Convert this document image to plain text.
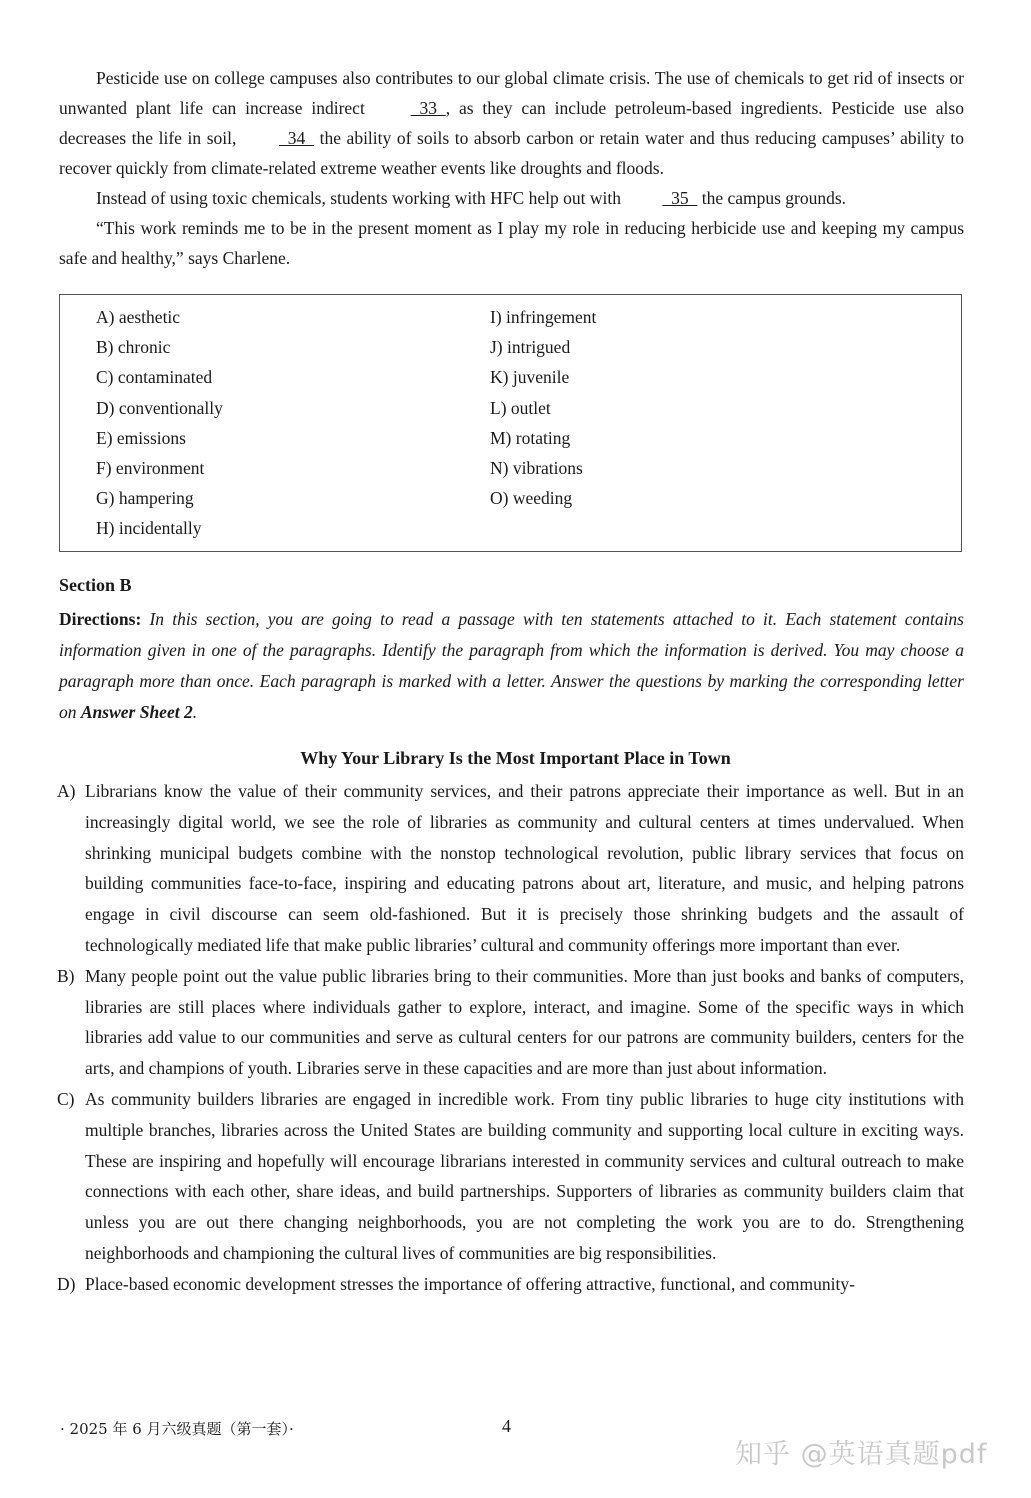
Pesticide use on college campuses also contributes to our global climate crisis. The use of chemicals to get rid of insects or unwanted plant life can increase indirect   33  , as they can include petroleum-based ingredients. Pesticide use also decreases the life in soil,   34   the ability of soils to absorb carbon or retain water and thus reducing campuses’ ability to recover quickly from climate-related extreme weather events like droughts and floods.

Instead of using toxic chemicals, students working with HFC help out with   35   the campus grounds.

“This work reminds me to be in the present moment as I play my role in reducing herbicide use and keeping my campus safe and healthy,” says Charlene.

A) aesthetic
B) chronic
C) contaminated
D) conventionally
E) emissions
F) environment
G) hampering
H) incidentally
I) infringement
J) intrigued
K) juvenile
L) outlet
M) rotating
N) vibrations
O) weeding
Section B
Directions: In this section, you are going to read a passage with ten statements attached to it. Each statement contains information given in one of the paragraphs. Identify the paragraph from which the information is derived. You may choose a paragraph more than once. Each paragraph is marked with a letter. Answer the questions by marking the corresponding letter on Answer Sheet 2.
Why Your Library Is the Most Important Place in Town

A) Librarians know the value of their community services, and their patrons appreciate their importance as well. But in an increasingly digital world, we see the role of libraries as community and cultural centers at times undervalued. When shrinking municipal budgets combine with the nonstop technological revolution, public library services that focus on building communities face-to-face, inspiring and educating patrons about art, literature, and music, and helping patrons engage in civil discourse can seem old-fashioned. But it is precisely those shrinking budgets and the assault of technologically mediated life that make public libraries’ cultural and community offerings more important than ever.

B) Many people point out the value public libraries bring to their communities. More than just books and banks of computers, libraries are still places where individuals gather to explore, interact, and imagine. Some of the specific ways in which libraries add value to our communities and serve as cultural centers for our patrons are community builders, centers for the arts, and champions of youth. Libraries serve in these capacities and are more than just about information.

C) As community builders libraries are engaged in incredible work. From tiny public libraries to huge city institutions with multiple branches, libraries across the United States are building community and supporting local culture in exciting ways. These are inspiring and hopefully will encourage librarians interested in community services and cultural outreach to make connections with each other, share ideas, and build partnerships. Supporters of libraries as community builders claim that unless you are out there changing neighborhoods, you are not completing the work you are to do. Strengthening neighborhoods and championing the cultural lives of communities are big responsibilities.

D) Place-based economic development stresses the importance of offering attractive, functional, and community-

· 2025 年 6 月六级真题（第一套）·	4
知乎 @英语真题pdf
